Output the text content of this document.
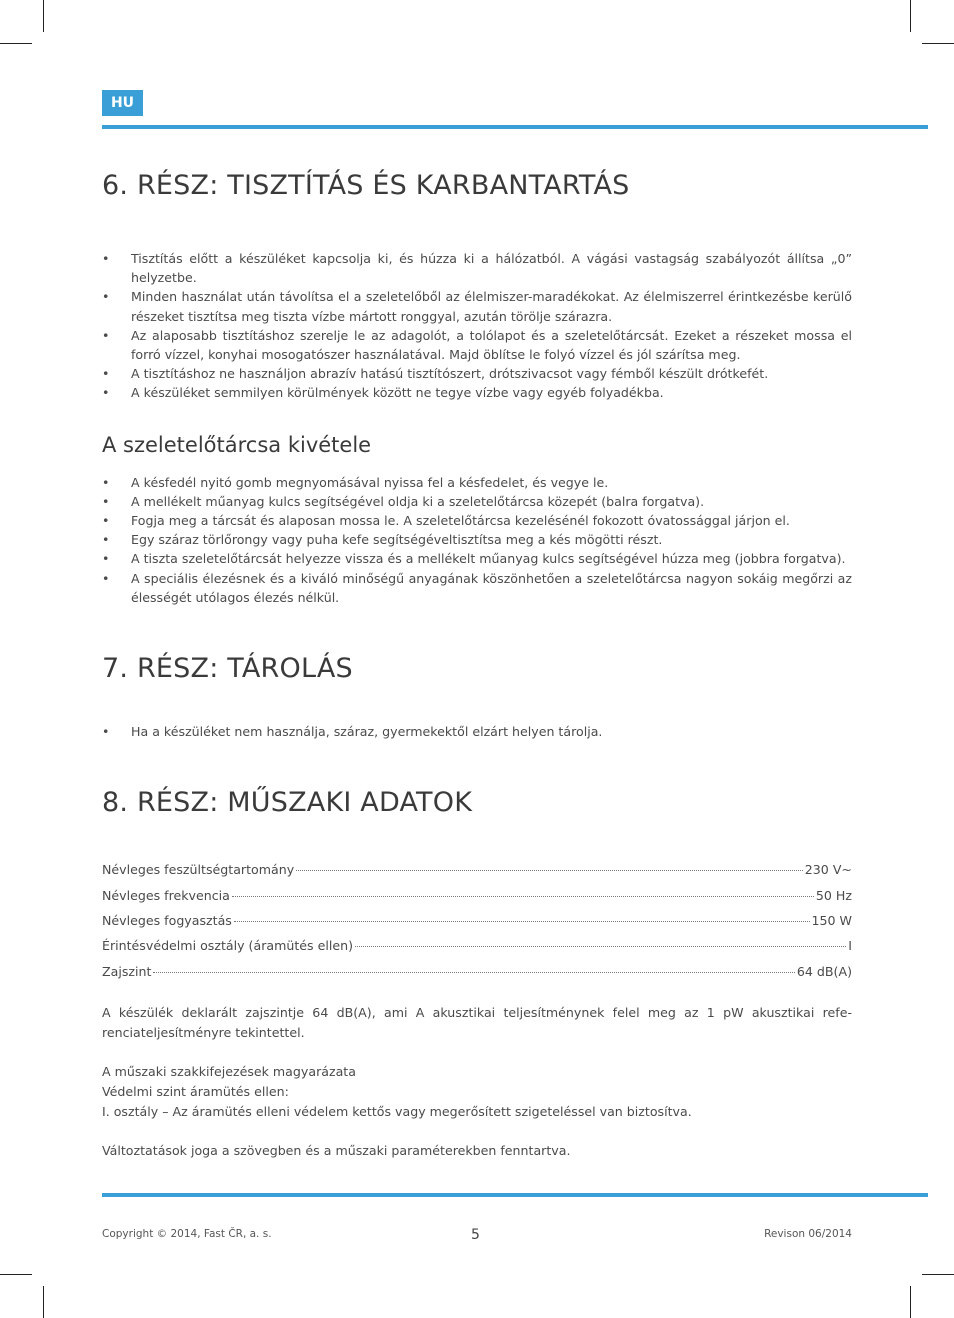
HU
6. RÉSZ: TISZTÍTÁS ÉS KARBANTARTÁS
• Tisztítás előtt a készüléket kapcsolja ki, és húzza ki a hálózatból. A vágási vastagság szabályozót állítsa „0” helyzetbe.
• Minden használat után távolítsa el a szeletelőből az élelmiszer-maradékokat. Az élelmiszerrel érintkezésbe kerülő részeket tisztítsa meg tiszta vízbe mártott ronggyal, azután törölje szárazra.
• Az alaposabb tisztításhoz szerelje le az adagolót, a tolólapot és a szeletelőtárcsát. Ezeket a részeket mossa el forró vízzel, konyhai mosogatószer használatával. Majd öblítse le folyó vízzel és jól szárítsa meg.
• A tisztításhoz ne használjon abrazív hatású tisztítószert, drótszivacsot vagy fémből készült drótkefét.
• A készüléket semmilyen körülmények között ne tegye vízbe vagy egyéb folyadékba.
A szeletelőtárcsa kivétele
• A késfedél nyitó gomb megnyomásával nyissa fel a késfedelet, és vegye le.
• A mellékelt műanyag kulcs segítségével oldja ki a szeletelőtárcsa közepét (balra forgatva).
• Fogja meg a tárcsát és alaposan mossa le. A szeletelőtárcsa kezelésénél fokozott óvatossággal járjon el.
• Egy száraz törlőrongy vagy puha kefe segítségéveltisztítsa meg a kés mögötti részt.
• A tiszta szeletelőtárcsát helyezze vissza és a mellékelt műanyag kulcs segítségével húzza meg (jobbra forgatva).
• A speciális élezésnek és a kiváló minőségű anyagának köszönhetően a szeletelőtárcsa nagyon sokáig megőrzi az élességét utólagos élezés nélkül.
7. RÉSZ: TÁROLÁS
• Ha a készüléket nem használja, száraz, gyermekektől elzárt helyen tárolja.
8. RÉSZ: MŰSZAKI ADATOK
Névleges feszültségtartomány	230 V~
Névleges frekvencia	50 Hz
Névleges fogyasztás	150 W
Érintésvédelmi osztály (áramütés ellen)	I
Zajszint	64 dB(A)

A készülék deklarált zajszintje 64 dB(A), ami A akusztikai teljesítménynek felel meg az 1 pW akusztikai refe-renciateljesítményre tekintettel.

A műszaki szakkifejezések magyarázata

Védelmi szint áramütés ellen:

I. osztály – Az áramütés elleni védelem kettős vagy megerősített szigeteléssel van biztosítva.

Változtatások joga a szövegben és a műszaki paraméterekben fenntartva.

Copyright © 2014, Fast ČR, a. s.	5	Revison 06/2014
